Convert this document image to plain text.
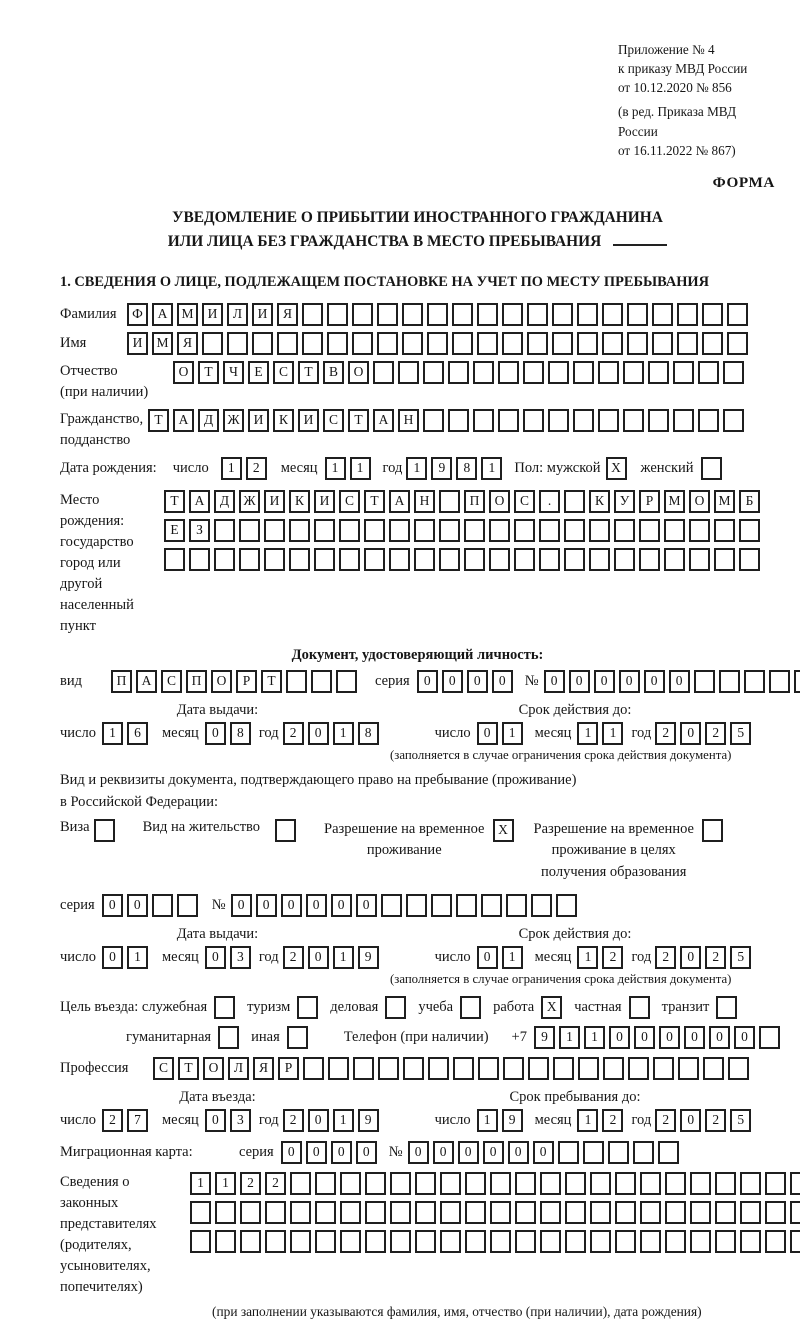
Приложение № 4
к приказу МВД России
от 10.12.2020 № 856
(в ред. Приказа МВД России
от 16.11.2022 № 867)
ФОРМА
УВЕДОМЛЕНИЕ О ПРИБЫТИИ ИНОСТРАННОГО ГРАЖДАНИНА
ИЛИ ЛИЦА БЕЗ ГРАЖДАНСТВА В МЕСТО ПРЕБЫВАНИЯ
1. СВЕДЕНИЯ О ЛИЦЕ, ПОДЛЕЖАЩЕМ ПОСТАНОВКЕ НА УЧЕТ ПО МЕСТУ ПРЕБЫВАНИЯ
Фамилия	Ф	А	М	И	Л	И	Я
Имя	И	М	Я
Отчество
(при наличии)
О	Т	Ч	Е	С	Т	В	О
Гражданство,
подданство
Т	А	Д	Ж	И	К	И	С	Т	А	Н
Дата рождения: число	1	2	месяц	1	1	год 1	9	8	1	Пол: мужской X	женский
Место рождения:
государство
город или другой
населенный пункт
Т	А	Д	Ж	И	К	И	С	Т	А	Н	П	О	С	.	К	У	Р	М	О	М	Б
Е	З
Документ, удостоверяющий личность:
вид	П	А	С	П	О	Р	Т	серия	0	0	0	0	№ 0	0	0	0	0	0
Дата выдачи:	Срок действия до:
число 1	6	месяц 0	8	год 2	0	1	8	число 0	1	месяц 1	1	год 2	0	2	5
(заполняется в случае ограничения срока действия документа)
Вид и реквизиты документа, подтверждающего право на пребывание (проживание)
в Российской Федерации:
Виза	Вид на жительство	Разрешение на временное
проживание
X	Разрешение на временное
проживание в целях
получения образования
серия	0	0	№ 0	0	0	0	0	0
Дата выдачи:	Срок действия до:
число 0	1	месяц 0	3	год 2	0	1	9	число 0	1	месяц 1	2	год 2	0	2	5
(заполняется в случае ограничения срока действия документа)
Цель въезда: служебная	туризм	деловая	учеба	работа X	частная	транзит
гуманитарная	иная	Телефон (при наличии) +7	9	1	1	0	0	0	0	0	0
Профессия	С	Т	О	Л	Я	Р
Дата въезда:	Срок пребывания до:
число 2	7	месяц 0	3	год 2	0	1	9	число 1	9	месяц 1	2	год 2	0	2	5
Миграционная карта:	серия	0	0	0	0	№ 0	0	0	0	0	0
Сведения о
законных
представителях
(родителях,
усыновителях,
попечителях)
1	1	2	2
(при заполнении указываются фамилия, имя, отчество (при наличии), дата рождения)
